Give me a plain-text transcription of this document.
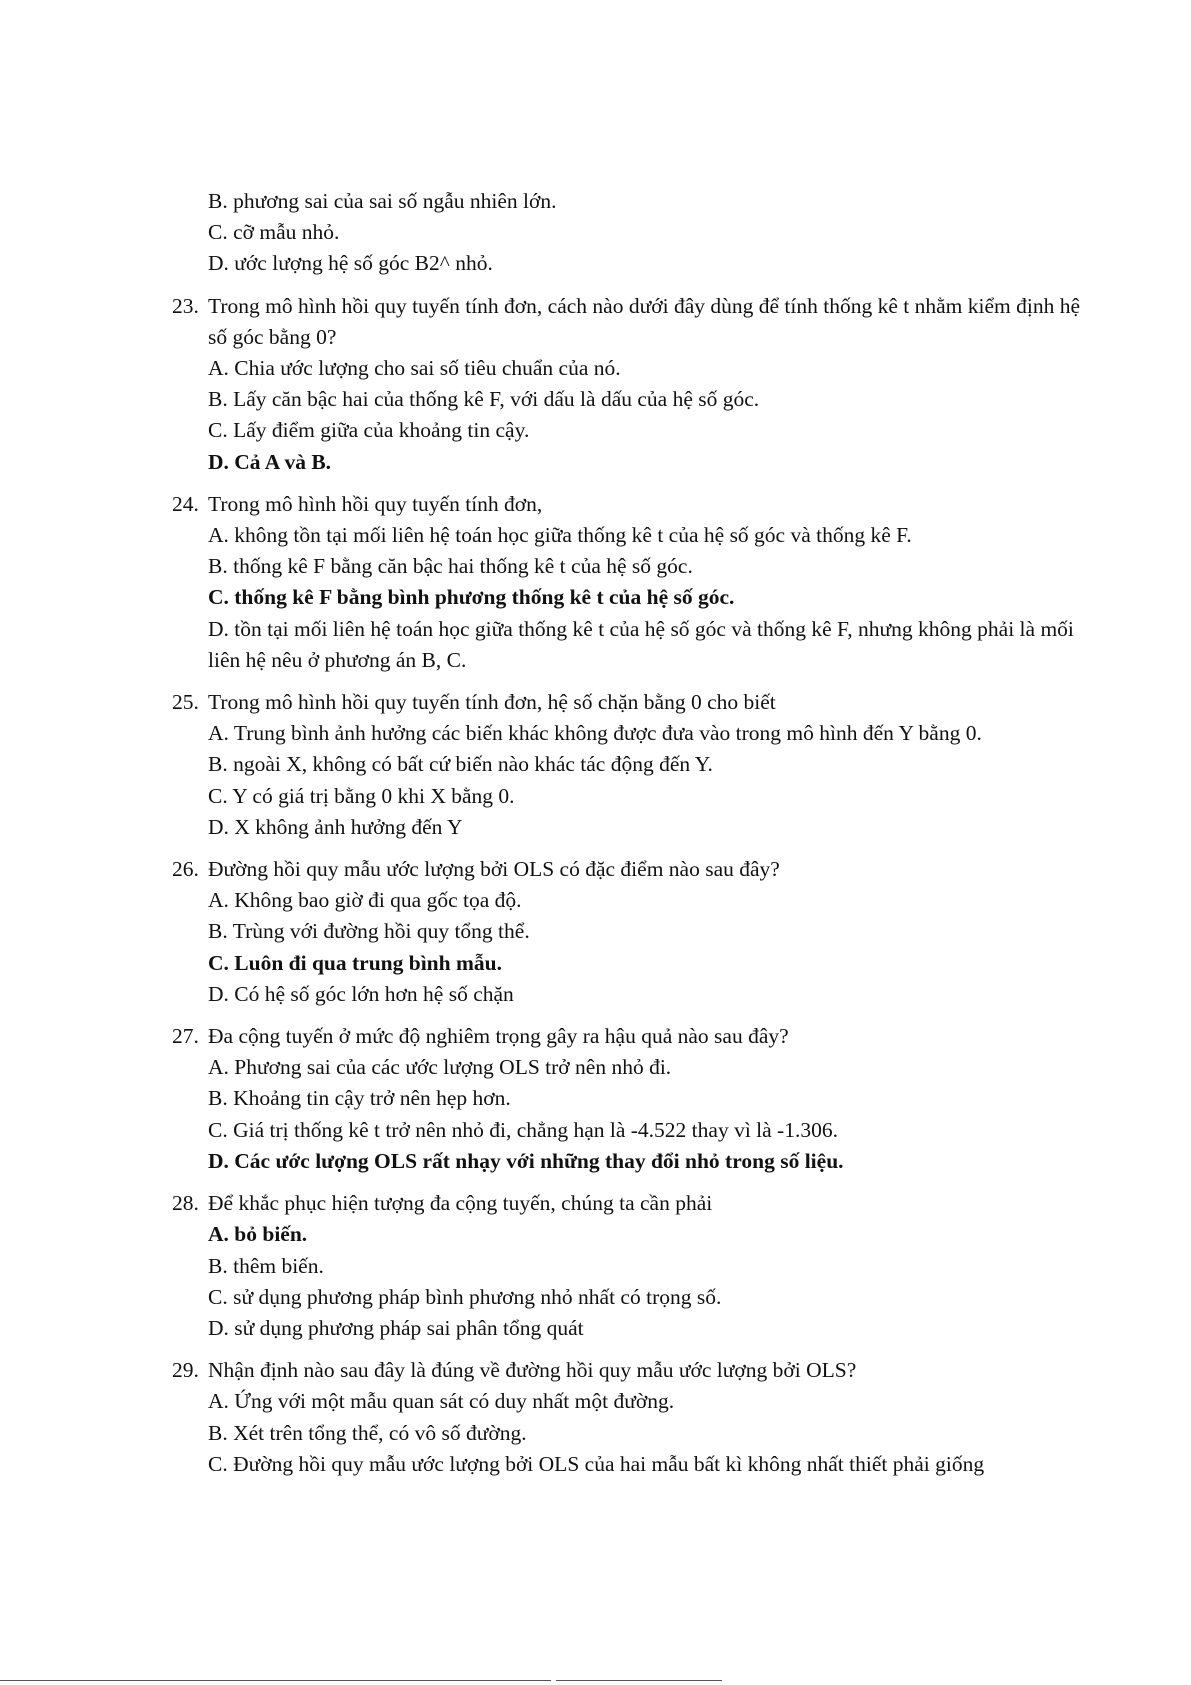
B. phương sai của sai số ngẫu nhiên lớn.
C. cỡ mẫu nhỏ.
D. ước lượng hệ số góc B2^ nhỏ.
23. Trong mô hình hồi quy tuyến tính đơn, cách nào dưới đây dùng để tính thống kê t nhằm kiểm định hệ số góc bằng 0?
A. Chia ước lượng cho sai số tiêu chuẩn của nó.
B. Lấy căn bậc hai của thống kê F, với dấu là dấu của hệ số góc.
C. Lấy điểm giữa của khoảng tin cậy.
D. Cả A và B.
24. Trong mô hình hồi quy tuyến tính đơn,
A. không tồn tại mối liên hệ toán học giữa thống kê t của hệ số góc và thống kê F.
B. thống kê F bằng căn bậc hai thống kê t của hệ số góc.
C. thống kê F bằng bình phương thống kê t của hệ số góc.
D. tồn tại mối liên hệ toán học giữa thống kê t của hệ số góc và thống kê F, nhưng không phải là mối liên hệ nêu ở phương án B, C.
25. Trong mô hình hồi quy tuyến tính đơn, hệ số chặn bằng 0 cho biết
A. Trung bình ảnh hưởng các biến khác không được đưa vào trong mô hình đến Y bằng 0.
B. ngoài X, không có bất cứ biến nào khác tác động đến Y.
C. Y có giá trị bằng 0 khi X bằng 0.
D. X không ảnh hưởng đến Y
26. Đường hồi quy mẫu ước lượng bởi OLS có đặc điểm nào sau đây?
A. Không bao giờ đi qua gốc tọa độ.
B. Trùng với đường hồi quy tổng thể.
C. Luôn đi qua trung bình mẫu.
D. Có hệ số góc lớn hơn hệ số chặn
27. Đa cộng tuyến ở mức độ nghiêm trọng gây ra hậu quả nào sau đây?
A. Phương sai của các ước lượng OLS trở nên nhỏ đi.
B. Khoảng tin cậy trở nên hẹp hơn.
C. Giá trị thống kê t trở nên nhỏ đi, chẳng hạn là -4.522 thay vì là -1.306.
D. Các ước lượng OLS rất nhạy với những thay đổi nhỏ trong số liệu.
28. Để khắc phục hiện tượng đa cộng tuyến, chúng ta cần phải
A. bỏ biến.
B. thêm biến.
C. sử dụng phương pháp bình phương nhỏ nhất có trọng số.
D. sử dụng phương pháp sai phân tổng quát
29. Nhận định nào sau đây là đúng về đường hồi quy mẫu ước lượng bởi OLS?
A. Ứng với một mẫu quan sát có duy nhất một đường.
B. Xét trên tổng thể, có vô số đường.
C. Đường hồi quy mẫu ước lượng bởi OLS của hai mẫu bất kì không nhất thiết phải giống
